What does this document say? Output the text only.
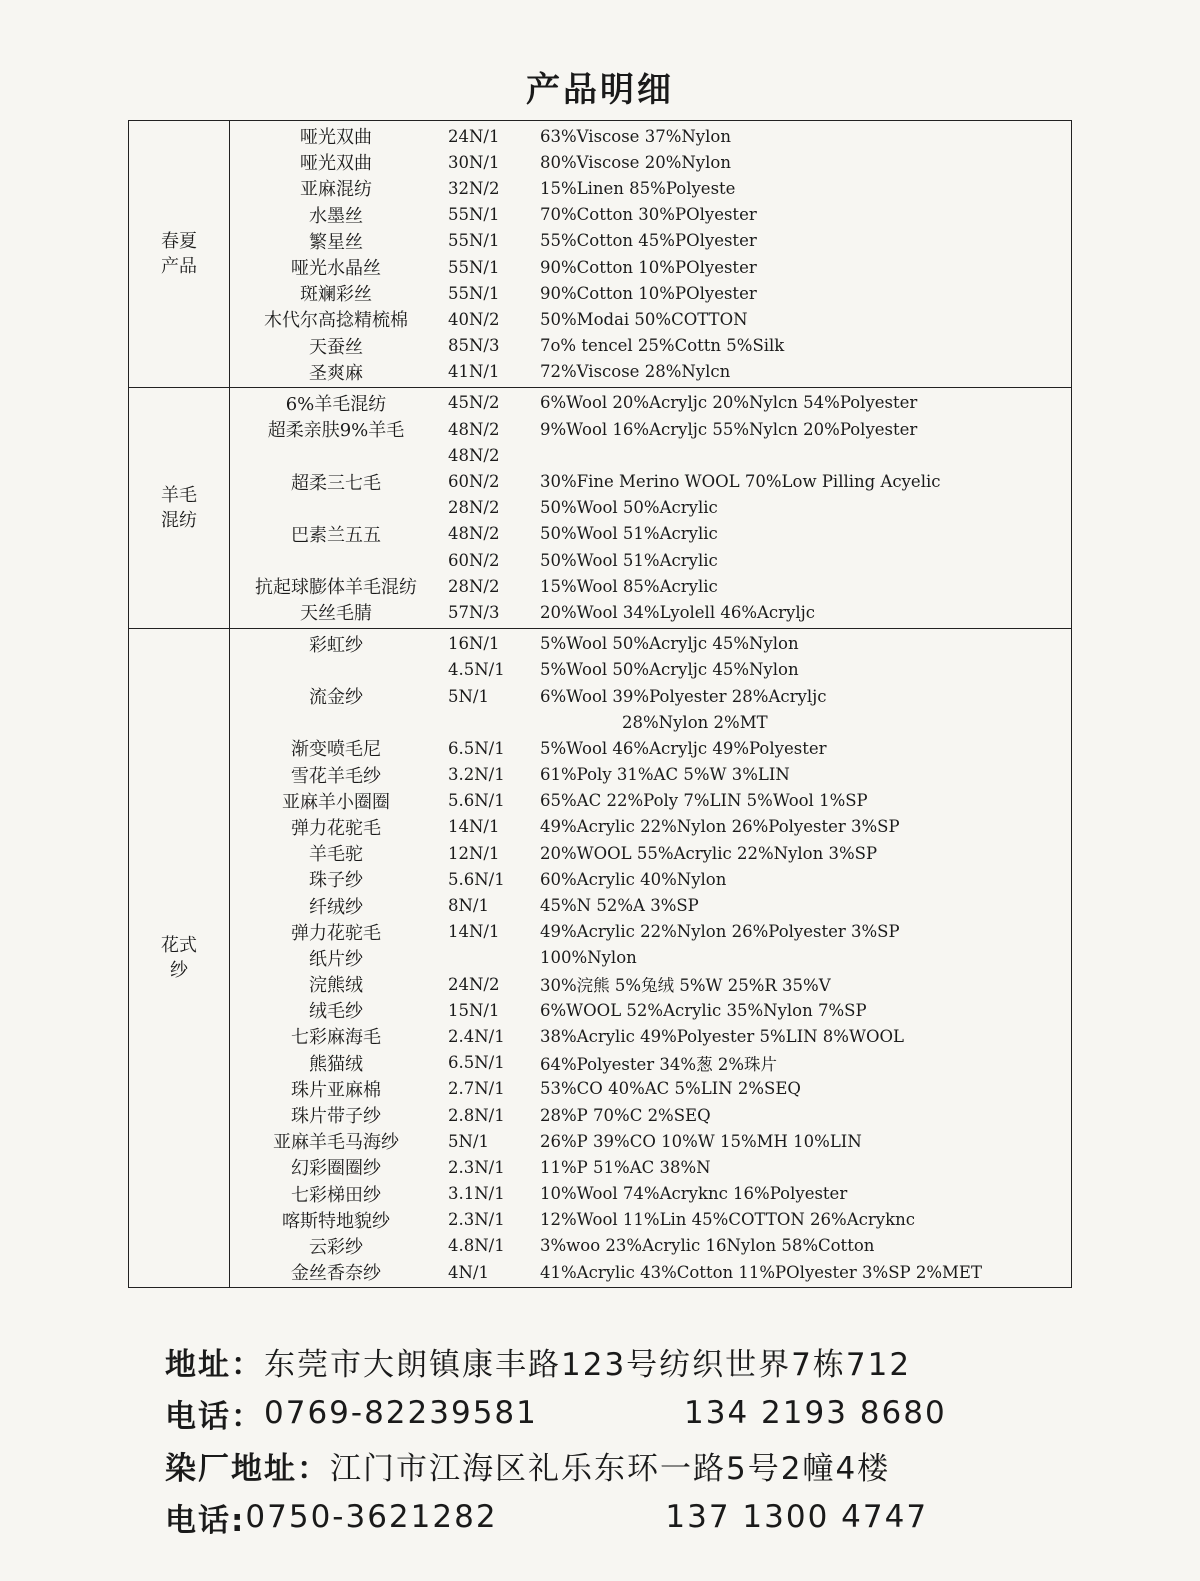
产品明细
春夏产品
哑光双曲	24N/1	63%Viscose 37%Nylon
哑光双曲	30N/1	80%Viscose 20%Nylon
亚麻混纺	32N/2	15%Linen 85%Polyeste
水墨丝	55N/1	70%Cotton 30%POlyester
繁星丝	55N/1	55%Cotton 45%POlyester
哑光水晶丝	55N/1	90%Cotton 10%POlyester
斑斓彩丝	55N/1	90%Cotton 10%POlyester
木代尔高捻精梳棉	40N/2	50%Modai 50%COTTON
天蚕丝	85N/3	7o% tencel 25%Cottn 5%Silk
圣爽麻	41N/1	72%Viscose 28%Nylcn
羊毛混纺
6%羊毛混纺	45N/2	6%Wool 20%Acryljc 20%Nylcn 54%Polyester
超柔亲肤9%羊毛	48N/2	9%Wool 16%Acryljc 55%Nylcn 20%Polyester
48N/2
超柔三七毛	60N/2	30%Fine Merino WOOL 70%Low Pilling Acyelic
28N/2	50%Wool 50%Acrylic
巴素兰五五	48N/2	50%Wool 51%Acrylic
60N/2	50%Wool 51%Acrylic
抗起球膨体羊毛混纺	28N/2	15%Wool 85%Acrylic
天丝毛腈	57N/3	20%Wool 34%Lyolell 46%Acryljc
花式纱
彩虹纱	16N/1	5%Wool 50%Acryljc 45%Nylon
4.5N/1	5%Wool 50%Acryljc 45%Nylon
流金纱	5N/1	6%Wool 39%Polyester 28%Acryljc
28%Nylon 2%MT
渐变喷毛尼	6.5N/1	5%Wool 46%Acryljc 49%Polyester
雪花羊毛纱	3.2N/1	61%Poly 31%AC 5%W 3%LIN
亚麻羊小圈圈	5.6N/1	65%AC 22%Poly 7%LIN 5%Wool 1%SP
弹力花驼毛	14N/1	49%Acrylic 22%Nylon 26%Polyester 3%SP
羊毛驼	12N/1	20%WOOL 55%Acrylic 22%Nylon 3%SP
珠子纱	5.6N/1	60%Acrylic 40%Nylon
纤绒纱	8N/1	45%N 52%A 3%SP
弹力花驼毛	14N/1	49%Acrylic 22%Nylon 26%Polyester 3%SP
纸片纱	100%Nylon
浣熊绒	24N/2	30%浣熊 5%兔绒 5%W 25%R 35%V
绒毛纱	15N/1	6%WOOL 52%Acrylic 35%Nylon 7%SP
七彩麻海毛	2.4N/1	38%Acrylic 49%Polyester 5%LIN 8%WOOL
熊猫绒	6.5N/1	64%Polyester 34%葱 2%珠片
珠片亚麻棉	2.7N/1	53%CO 40%AC 5%LIN 2%SEQ
珠片带子纱	2.8N/1	28%P 70%C 2%SEQ
亚麻羊毛马海纱	5N/1	26%P 39%CO 10%W 15%MH 10%LIN
幻彩圈圈纱	2.3N/1	11%P 51%AC 38%N
七彩梯田纱	3.1N/1	10%Wool 74%Acryknc 16%Polyester
喀斯特地貌纱	2.3N/1	12%Wool 11%Lin 45%COTTON 26%Acryknc
云彩纱	4.8N/1	3%woo 23%Acrylic 16Nylon 58%Cotton
金丝香奈纱	4N/1	41%Acrylic 43%Cotton 11%POlyester 3%SP 2%MET
地址： 东莞市大朗镇康丰路123号纺织世界7栋712
电话： 0769-82239581	134 2193 8680
染厂地址： 江门市江海区礼乐东环一路5号2幢4楼
电话: 0750-3621282	137 1300 4747
